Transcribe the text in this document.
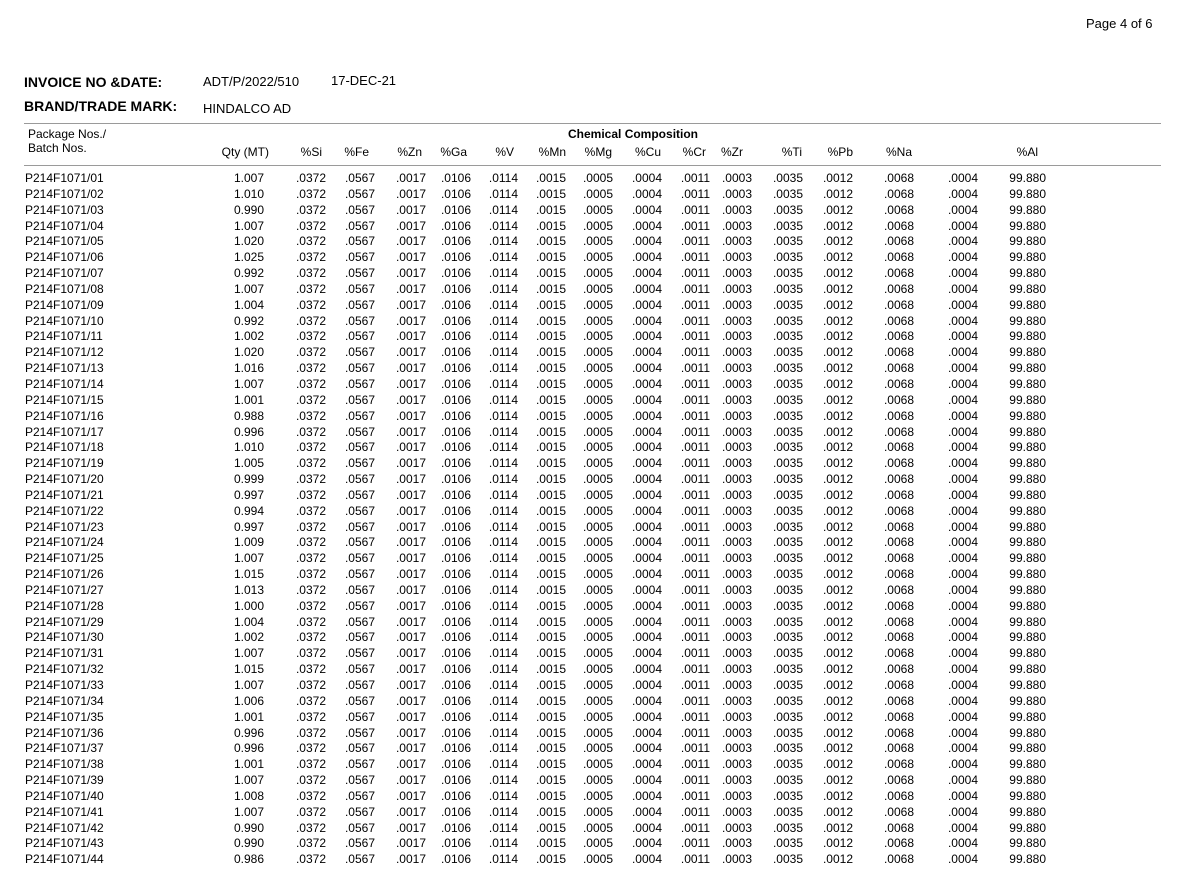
Page 4 of 6
INVOICE NO &DATE:	ADT/P/2022/510 17-DEC-21
BRAND/TRADE MARK: HINDALCO AD
Package Nos./
Batch Nos.
Chemical Composition
Qty (MT)	%Si %Fe %Zn %Ga %V %Mn %Mg %Cu %Cr %Zr	%Ti %Pb	%Na	%Al
P214F1071/01	1.007	.0372 .0567 .0017 .0106 .0114 .0015 .0005 .0004 .0011 .0003 .0035 .0012	.0068	.0004	99.880
P214F1071/02	1.010	.0372 .0567 .0017 .0106 .0114 .0015 .0005 .0004 .0011 .0003 .0035 .0012	.0068	.0004	99.880
P214F1071/03	0.990	.0372 .0567 .0017 .0106 .0114 .0015 .0005 .0004 .0011 .0003 .0035 .0012	.0068	.0004	99.880
P214F1071/04	1.007	.0372 .0567 .0017 .0106 .0114 .0015 .0005 .0004 .0011 .0003 .0035 .0012	.0068	.0004	99.880
P214F1071/05	1.020	.0372 .0567 .0017 .0106 .0114 .0015 .0005 .0004 .0011 .0003 .0035 .0012	.0068	.0004	99.880
P214F1071/06	1.025	.0372 .0567 .0017 .0106 .0114 .0015 .0005 .0004 .0011 .0003 .0035 .0012	.0068	.0004	99.880
P214F1071/07	0.992	.0372 .0567 .0017 .0106 .0114 .0015 .0005 .0004 .0011 .0003 .0035 .0012	.0068	.0004	99.880
P214F1071/08	1.007	.0372 .0567 .0017 .0106 .0114 .0015 .0005 .0004 .0011 .0003 .0035 .0012	.0068	.0004	99.880
P214F1071/09	1.004	.0372 .0567 .0017 .0106 .0114 .0015 .0005 .0004 .0011 .0003 .0035 .0012	.0068	.0004	99.880
P214F1071/10	0.992	.0372 .0567 .0017 .0106 .0114 .0015 .0005 .0004 .0011 .0003 .0035 .0012	.0068	.0004	99.880
P214F1071/11	1.002	.0372 .0567 .0017 .0106 .0114 .0015 .0005 .0004 .0011 .0003 .0035 .0012	.0068	.0004	99.880
P214F1071/12	1.020	.0372 .0567 .0017 .0106 .0114 .0015 .0005 .0004 .0011 .0003 .0035 .0012	.0068	.0004	99.880
P214F1071/13	1.016	.0372 .0567 .0017 .0106 .0114 .0015 .0005 .0004 .0011 .0003 .0035 .0012	.0068	.0004	99.880
P214F1071/14	1.007	.0372 .0567 .0017 .0106 .0114 .0015 .0005 .0004 .0011 .0003 .0035 .0012	.0068	.0004	99.880
P214F1071/15	1.001	.0372 .0567 .0017 .0106 .0114 .0015 .0005 .0004 .0011 .0003 .0035 .0012	.0068	.0004	99.880
P214F1071/16	0.988	.0372 .0567 .0017 .0106 .0114 .0015 .0005 .0004 .0011 .0003 .0035 .0012	.0068	.0004	99.880
P214F1071/17	0.996	.0372 .0567 .0017 .0106 .0114 .0015 .0005 .0004 .0011 .0003 .0035 .0012	.0068	.0004	99.880
P214F1071/18	1.010	.0372 .0567 .0017 .0106 .0114 .0015 .0005 .0004 .0011 .0003 .0035 .0012	.0068	.0004	99.880
P214F1071/19	1.005	.0372 .0567 .0017 .0106 .0114 .0015 .0005 .0004 .0011 .0003 .0035 .0012	.0068	.0004	99.880
P214F1071/20	0.999	.0372 .0567 .0017 .0106 .0114 .0015 .0005 .0004 .0011 .0003 .0035 .0012	.0068	.0004	99.880
P214F1071/21	0.997	.0372 .0567 .0017 .0106 .0114 .0015 .0005 .0004 .0011 .0003 .0035 .0012	.0068	.0004	99.880
P214F1071/22	0.994	.0372 .0567 .0017 .0106 .0114 .0015 .0005 .0004 .0011 .0003 .0035 .0012	.0068	.0004	99.880
P214F1071/23	0.997	.0372 .0567 .0017 .0106 .0114 .0015 .0005 .0004 .0011 .0003 .0035 .0012	.0068	.0004	99.880
P214F1071/24	1.009	.0372 .0567 .0017 .0106 .0114 .0015 .0005 .0004 .0011 .0003 .0035 .0012	.0068	.0004	99.880
P214F1071/25	1.007	.0372 .0567 .0017 .0106 .0114 .0015 .0005 .0004 .0011 .0003 .0035 .0012	.0068	.0004	99.880
P214F1071/26	1.015	.0372 .0567 .0017 .0106 .0114 .0015 .0005 .0004 .0011 .0003 .0035 .0012	.0068	.0004	99.880
P214F1071/27	1.013	.0372 .0567 .0017 .0106 .0114 .0015 .0005 .0004 .0011 .0003 .0035 .0012	.0068	.0004	99.880
P214F1071/28	1.000	.0372 .0567 .0017 .0106 .0114 .0015 .0005 .0004 .0011 .0003 .0035 .0012	.0068	.0004	99.880
P214F1071/29	1.004	.0372 .0567 .0017 .0106 .0114 .0015 .0005 .0004 .0011 .0003 .0035 .0012	.0068	.0004	99.880
P214F1071/30	1.002	.0372 .0567 .0017 .0106 .0114 .0015 .0005 .0004 .0011 .0003 .0035 .0012	.0068	.0004	99.880
P214F1071/31	1.007	.0372 .0567 .0017 .0106 .0114 .0015 .0005 .0004 .0011 .0003 .0035 .0012	.0068	.0004	99.880
P214F1071/32	1.015	.0372 .0567 .0017 .0106 .0114 .0015 .0005 .0004 .0011 .0003 .0035 .0012	.0068	.0004	99.880
P214F1071/33	1.007	.0372 .0567 .0017 .0106 .0114 .0015 .0005 .0004 .0011 .0003 .0035 .0012	.0068	.0004	99.880
P214F1071/34	1.006	.0372 .0567 .0017 .0106 .0114 .0015 .0005 .0004 .0011 .0003 .0035 .0012	.0068	.0004	99.880
P214F1071/35	1.001	.0372 .0567 .0017 .0106 .0114 .0015 .0005 .0004 .0011 .0003 .0035 .0012	.0068	.0004	99.880
P214F1071/36	0.996	.0372 .0567 .0017 .0106 .0114 .0015 .0005 .0004 .0011 .0003 .0035 .0012	.0068	.0004	99.880
P214F1071/37	0.996	.0372 .0567 .0017 .0106 .0114 .0015 .0005 .0004 .0011 .0003 .0035 .0012	.0068	.0004	99.880
P214F1071/38	1.001	.0372 .0567 .0017 .0106 .0114 .0015 .0005 .0004 .0011 .0003 .0035 .0012	.0068	.0004	99.880
P214F1071/39	1.007	.0372 .0567 .0017 .0106 .0114 .0015 .0005 .0004 .0011 .0003 .0035 .0012	.0068	.0004	99.880
P214F1071/40	1.008	.0372 .0567 .0017 .0106 .0114 .0015 .0005 .0004 .0011 .0003 .0035 .0012	.0068	.0004	99.880
P214F1071/41	1.007	.0372 .0567 .0017 .0106 .0114 .0015 .0005 .0004 .0011 .0003 .0035 .0012	.0068	.0004	99.880
P214F1071/42	0.990	.0372 .0567 .0017 .0106 .0114 .0015 .0005 .0004 .0011 .0003 .0035 .0012	.0068	.0004	99.880
P214F1071/43	0.990	.0372 .0567 .0017 .0106 .0114 .0015 .0005 .0004 .0011 .0003 .0035 .0012	.0068	.0004	99.880
P214F1071/44	0.986	.0372 .0567 .0017 .0106 .0114 .0015 .0005 .0004 .0011 .0003 .0035 .0012	.0068	.0004	99.880
